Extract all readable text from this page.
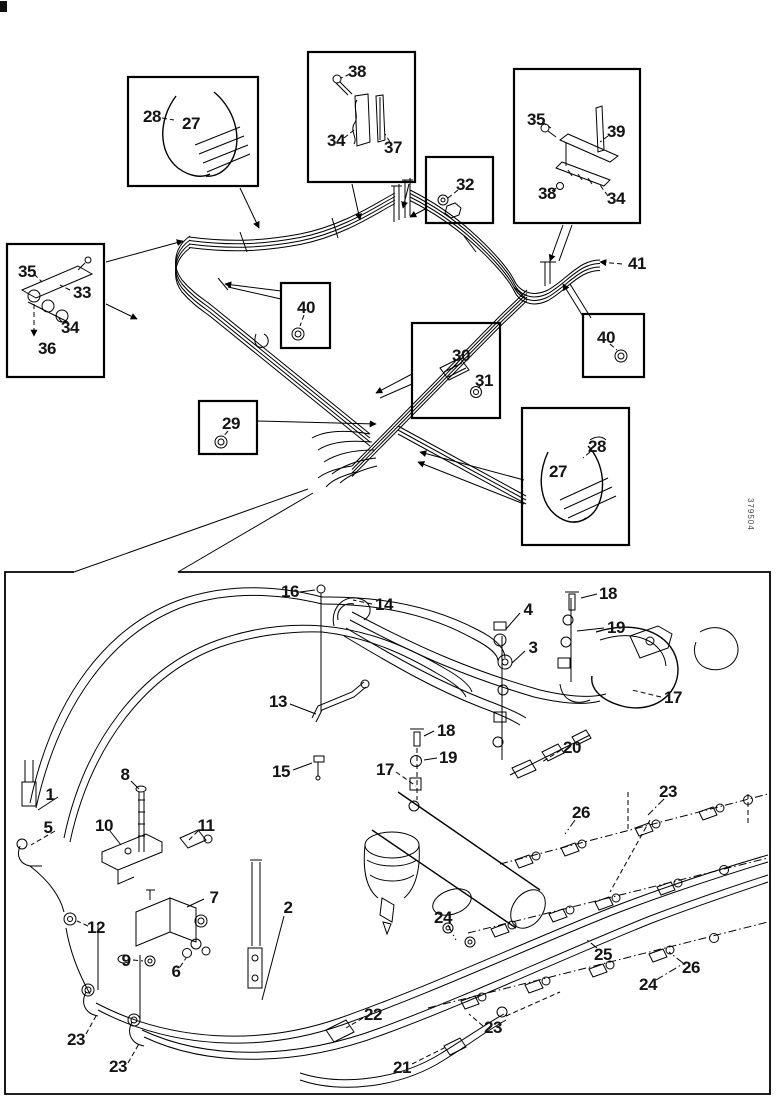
28 27
38
34 37
32
35
39
38	34
35
33
34
36
40
30
31
29
40
41
28
27
16
14
13
15
4
3
18
19
17
18
19
17
20
26
23
1
5
8
10	11
12
7
9
6
2
23
23
22
21
23
24
25
26
24
379504
